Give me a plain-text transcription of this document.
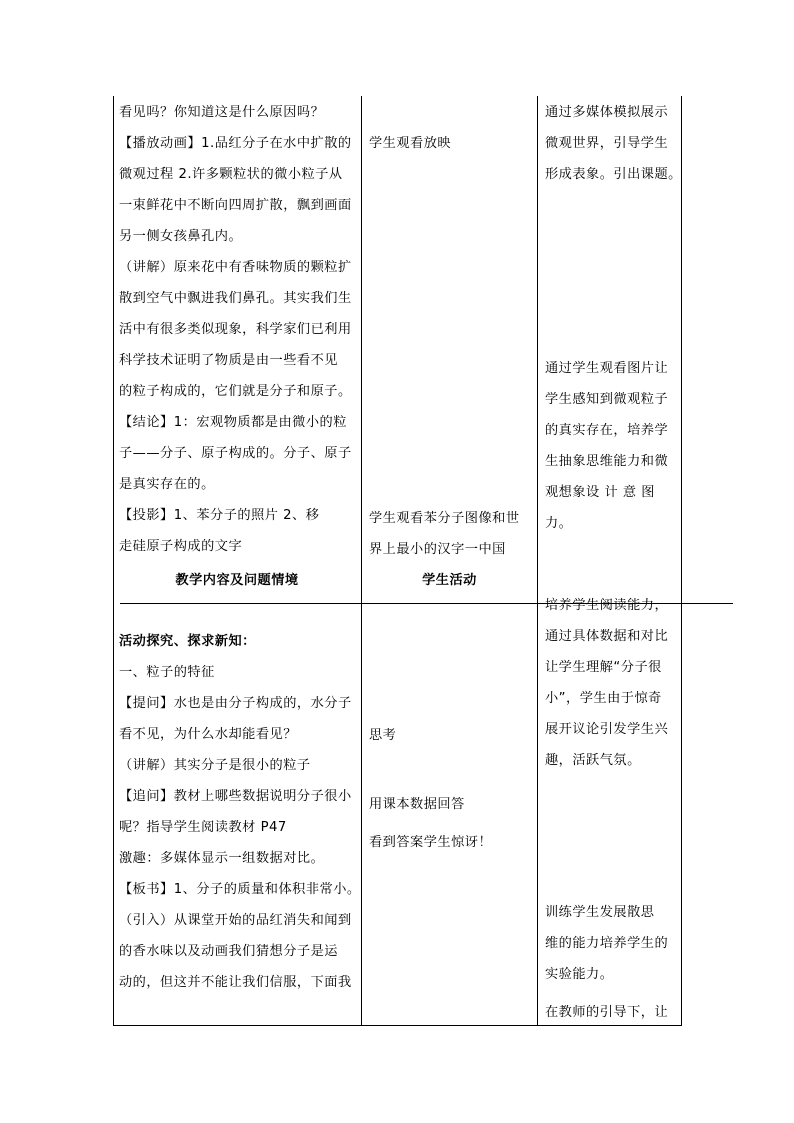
看见吗？你知道这是什么原因吗？

【播放动画】1.品红分子在水中扩散的

微观过程 2.许多颗粒状的微小粒子从

一束鲜花中不断向四周扩散，飘到画面

另一侧女孩鼻孔内。

（讲解）原来花中有香味物质的颗粒扩

散到空气中飘进我们鼻孔。其实我们生

活中有很多类似现象，科学家们已利用

科学技术证明了物质是由一些看不见

的粒子构成的，它们就是分子和原子。

【结论】1：宏观物质都是由微小的粒

子——分子、原子构成的。分子、原子

是真实存在的。

【投影】1、苯分子的照片 2、移

走硅原子构成的文字

教学内容及问题情境	学生活动
学生观看放映

学生观看苯分子图像和世

界上最小的汉字一中国

通过多媒体模拟展示

微观世界，引导学生

形成表象。引出课题。

通过学生观看图片让

学生感知到微观粒子

的真实存在，培养学

生抽象思维能力和微

观想象设 计 意 图

力。

活动探究、探求新知：

一、粒子的特征

【提问】水也是由分子构成的，水分子

看不见，为什么水却能看见？

（讲解）其实分子是很小的粒子

【追问】教材上哪些数据说明分子很小

呢？指导学生阅读教材 P47

激趣：多媒体显示一组数据对比。

【板书】1、分子的质量和体积非常小。

（引入）从课堂开始的品红消失和闻到

的香水味以及动画我们猜想分子是运

动的，但这并不能让我们信服，下面我

思考
用课本数据回答
看到答案学生惊讶！

培养学生阅读能力，

通过具体数据和对比

让学生理解“分子很

小”，学生由于惊奇

展开议论引发学生兴

趣，活跃气氛。

训练学生发展散思

维的能力培养学生的

实验能力。

在教师的引导下，让
